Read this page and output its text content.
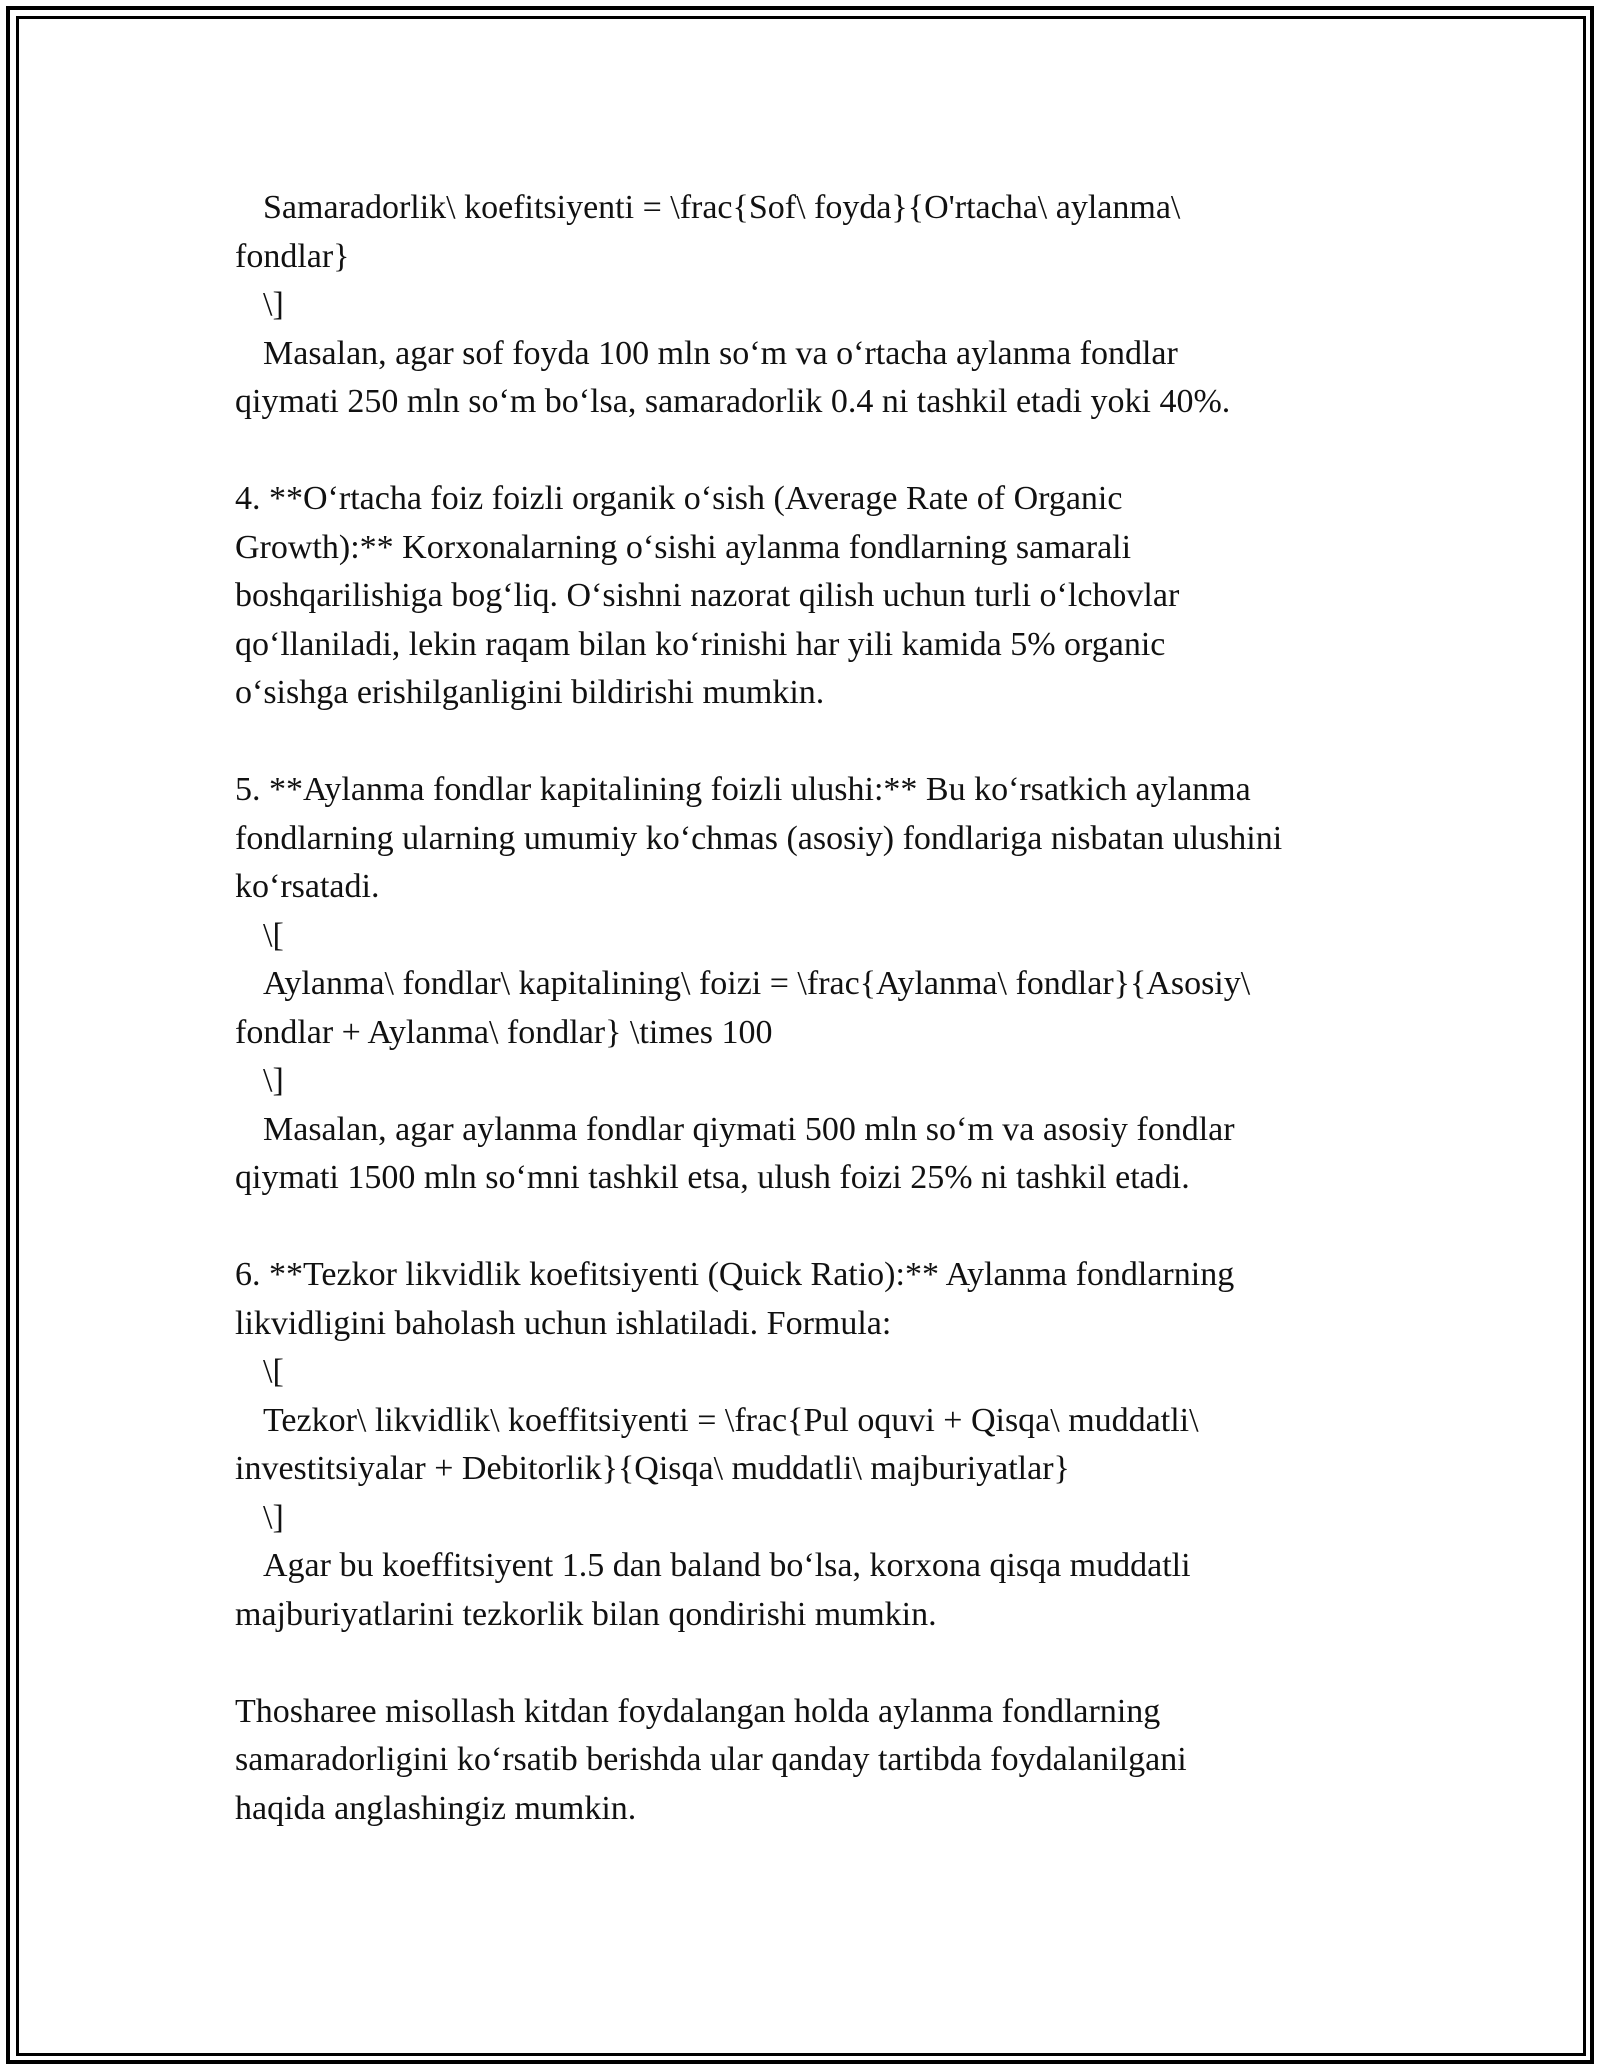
Samaradorlik\ koefitsiyenti = \frac{Sof\ foyda}{O'rtacha\ aylanma\
fondlar}
\]
Masalan, agar sof foyda 100 mln soʻm va oʻrtacha aylanma fondlar
qiymati 250 mln soʻm boʻlsa, samaradorlik 0.4 ni tashkil etadi yoki 40%.
4. **Oʻrtacha foiz foizli organik oʻsish (Average Rate of Organic
Growth):** Korxonalarning oʻsishi aylanma fondlarning samarali
boshqarilishiga bogʻliq. Oʻsishni nazorat qilish uchun turli oʻlchovlar
qoʻllaniladi, lekin raqam bilan koʻrinishi har yili kamida 5% organic
oʻsishga erishilganligini bildirishi mumkin.
5. **Aylanma fondlar kapitalining foizli ulushi:** Bu koʻrsatkich aylanma
fondlarning ularning umumiy koʻchmas (asosiy) fondlariga nisbatan ulushini
koʻrsatadi.
\[
Aylanma\ fondlar\ kapitalining\ foizi = \frac{Aylanma\ fondlar}{Asosiy\
fondlar + Aylanma\ fondlar} \times 100
\]
Masalan, agar aylanma fondlar qiymati 500 mln soʻm va asosiy fondlar
qiymati 1500 mln soʻmni tashkil etsa, ulush foizi 25% ni tashkil etadi.
6. **Tezkor likvidlik koefitsiyenti (Quick Ratio):** Aylanma fondlarning
likvidligini baholash uchun ishlatiladi. Formula:
\[
Tezkor\ likvidlik\ koeffitsiyenti = \frac{Pul oquvi + Qisqa\ muddatli\
investitsiyalar + Debitorlik}{Qisqa\ muddatli\ majburiyatlar}
\]
Agar bu koeffitsiyent 1.5 dan baland boʻlsa, korxona qisqa muddatli
majburiyatlarini tezkorlik bilan qondirishi mumkin.
Thosharee misollash kitdan foydalangan holda aylanma fondlarning
samaradorligini koʻrsatib berishda ular qanday tartibda foydalanilgani
haqida anglashingiz mumkin.
